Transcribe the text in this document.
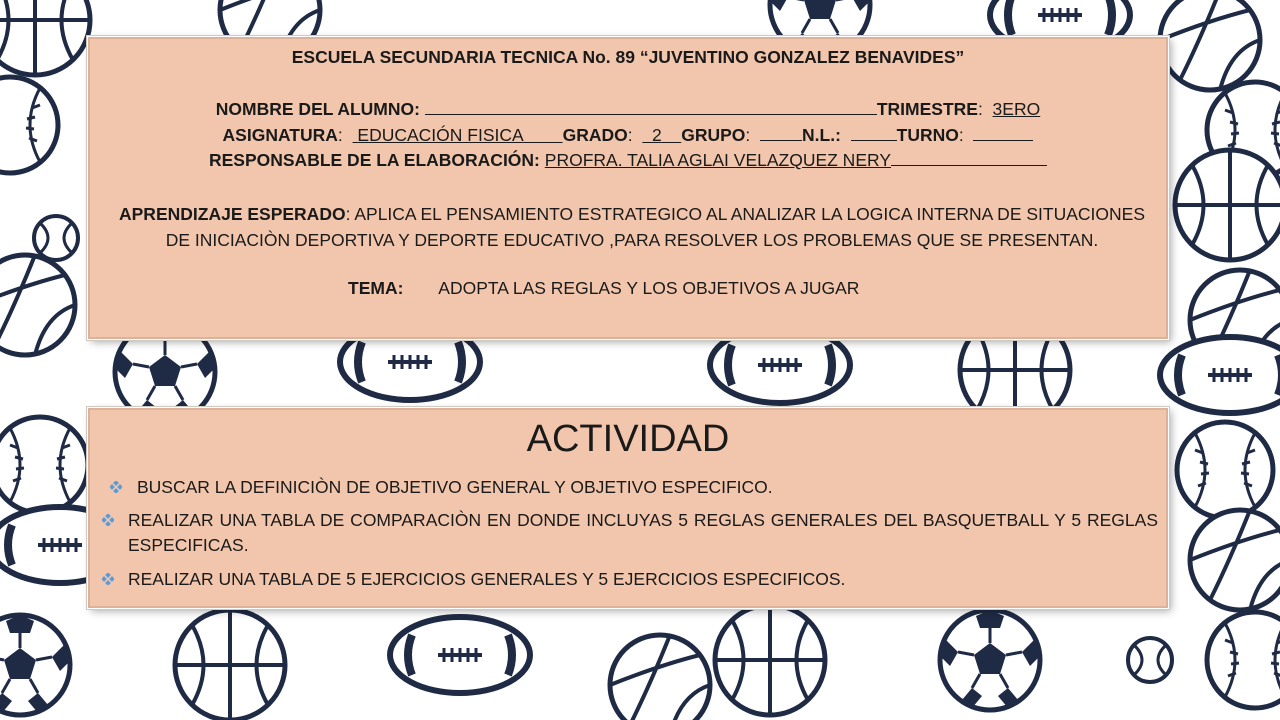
ESCUELA SECUNDARIA TECNICA No. 89 “JUVENTINO GONZALEZ BENAVIDES”
NOMBRE DEL ALUMNO:	TRIMESTRE:  3ERO
ASIGNATURA:   EDUCACIÓN FISICA GRADO:    2 GRUPO:  N.L.:	TURNO:
RESPONSABLE DE LA ELABORACIÓN: PROFRA. TALIA AGLAI VELAZQUEZ NERY
APRENDIZAJE ESPERADO: APLICA EL PENSAMIENTO ESTRATEGICO AL ANALIZAR LA LOGICA INTERNA DE SITUACIONES DE INICIACIÒN DEPORTIVA Y DEPORTE EDUCATIVO ,PARA RESOLVER LOS PROBLEMAS QUE SE PRESENTAN.
TEMA: ADOPTA LAS REGLAS Y LOS OBJETIVOS A JUGAR
ACTIVIDAD
BUSCAR LA DEFINICIÒN DE OBJETIVO GENERAL Y OBJETIVO ESPECIFICO.
REALIZAR UNA TABLA DE COMPARACIÒN EN DONDE INCLUYAS 5 REGLAS GENERALES DEL BASQUETBALL Y 5 REGLAS ESPECIFICAS.
REALIZAR UNA TABLA DE 5 EJERCICIOS GENERALES Y 5 EJERCICIOS ESPECIFICOS.
